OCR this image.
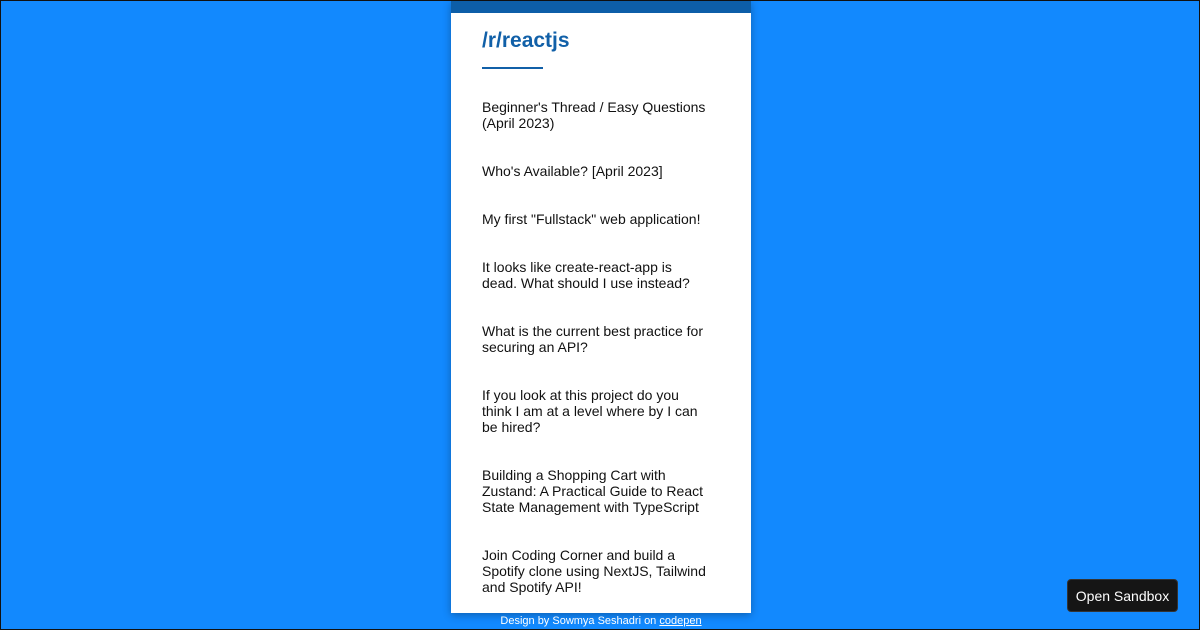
/r/reactjs
Beginner's Thread / Easy Questions (April 2023)
Who's Available? [April 2023]
My first "Fullstack" web application!
It looks like create-react-app is dead. What should I use instead?
What is the current best practice for securing an API?
If you look at this project do you think I am at a level where by I can be hired?
Building a Shopping Cart with Zustand: A Practical Guide to React State Management with TypeScript
Join Coding Corner and build a Spotify clone using NextJS, Tailwind and Spotify API!
Design by Sowmya Seshadri on codepen
Open Sandbox
